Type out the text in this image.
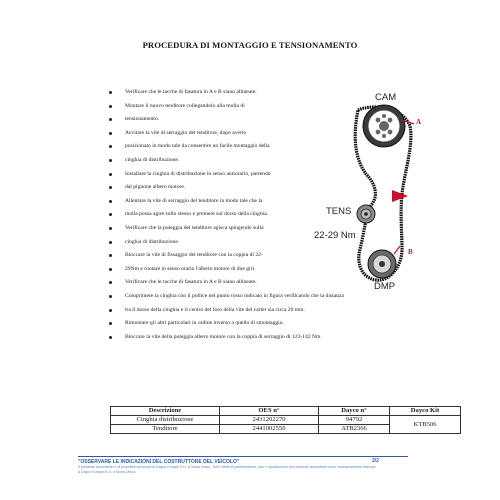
PROCEDURA DI MONTAGGIO E TENSIONAMENTO
Verificare che le tacche di fasatura in A e B siano allineate.
Montare il nuovo tenditore collegandolo alla molla di
tensionamento.
Avvitare la vite di serraggio del tenditore, dopo averlo
posizionato in modo tale da consentire un facile montaggio della
cinghia di distribuzione.
Installare la cinghia di distribuzione in senso antiorario, partendo
dal pignone albero motore.
Allentare la vite di serraggio del tenditore in modo tale che la
molla possa agire sullo stesso e premere sul dorso della cinghia.
Verificare che la puleggia del tenditore agisca spingendo sulla
cinghia di distribuzione.
Bloccare la vite di fissaggio del tenditore con la coppia di 22-
29Nm e ruotare in senso orario l'albero motore di due giri.
Verificare che le tacche di fasatura in A e B siano allineate.
Comprimere la cinghia con il pollice nel punto rosso indicato in figura verificando che la distanza
tra il dorso della cinghia e il centro del foro della vite del carter sia circa 20 mm.
Rimontare gli altri particolari in ordine inverso a quello di smontaggio.
Bloccare la vite della puleggia albero motore con la coppia di serraggio di 123-142 Nm.
CAM
A
TENS
22-29 Nm
B
DMP
Descrizione	OES n°	Dayco n°	Dayco Kit
Cinghia distribuzione	2431202270	94792	KTB506
Tenditore	2441002550	ATB2366	
"OSSERVARE LE INDICAZIONI DEL COSTRUTTORE DEL VEICOLO"
Il presente documento è di proprietà esclusiva di Dayco Europe S.r.l. a Socio Unico. Tutti i diritti di pubblicazione, uso e riproduzione del presente documento sono esclusivamente riservati a Dayco Europe S.r.l. a Socio Unico.
2/2
